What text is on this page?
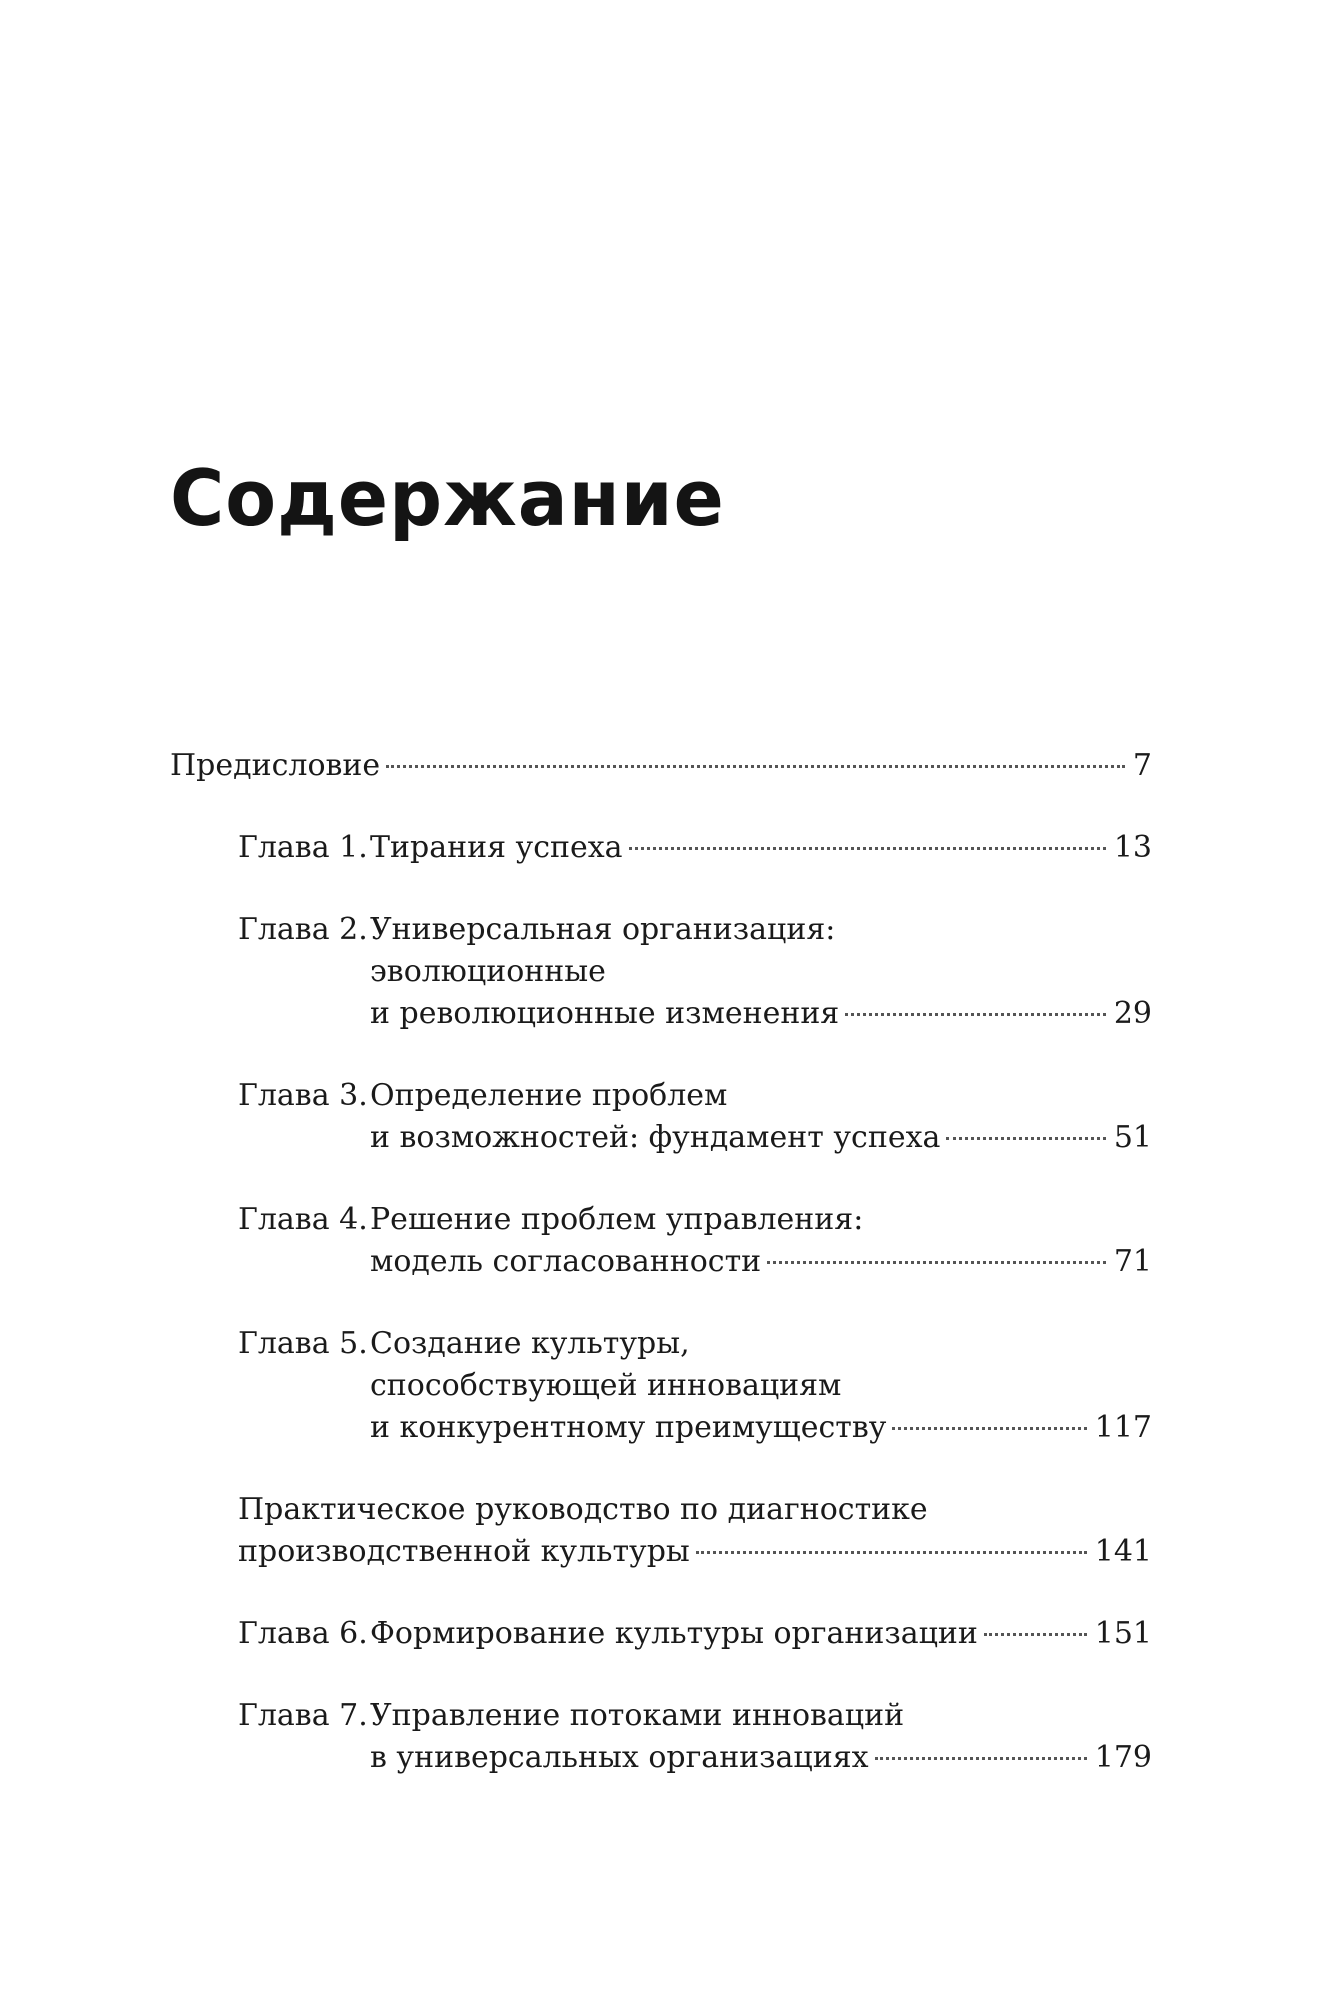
Содержание
Предисловие	7
Глава 1. Тирания успеха	13
Глава 2. Универсальная организация:
эволюционные
и революционные изменения	29
Глава 3. Определение проблем
и возможностей: фундамент успеха	51
Глава 4. Решение проблем управления:
модель согласованности	71
Глава 5. Создание культуры,
способствующей инновациям
и конкурентному преимуществу	117
Практическое руководство по диагностике
производственной культуры	141
Глава 6. Формирование культуры организации	151
Глава 7. Управление потоками инноваций
в универсальных организациях	179
